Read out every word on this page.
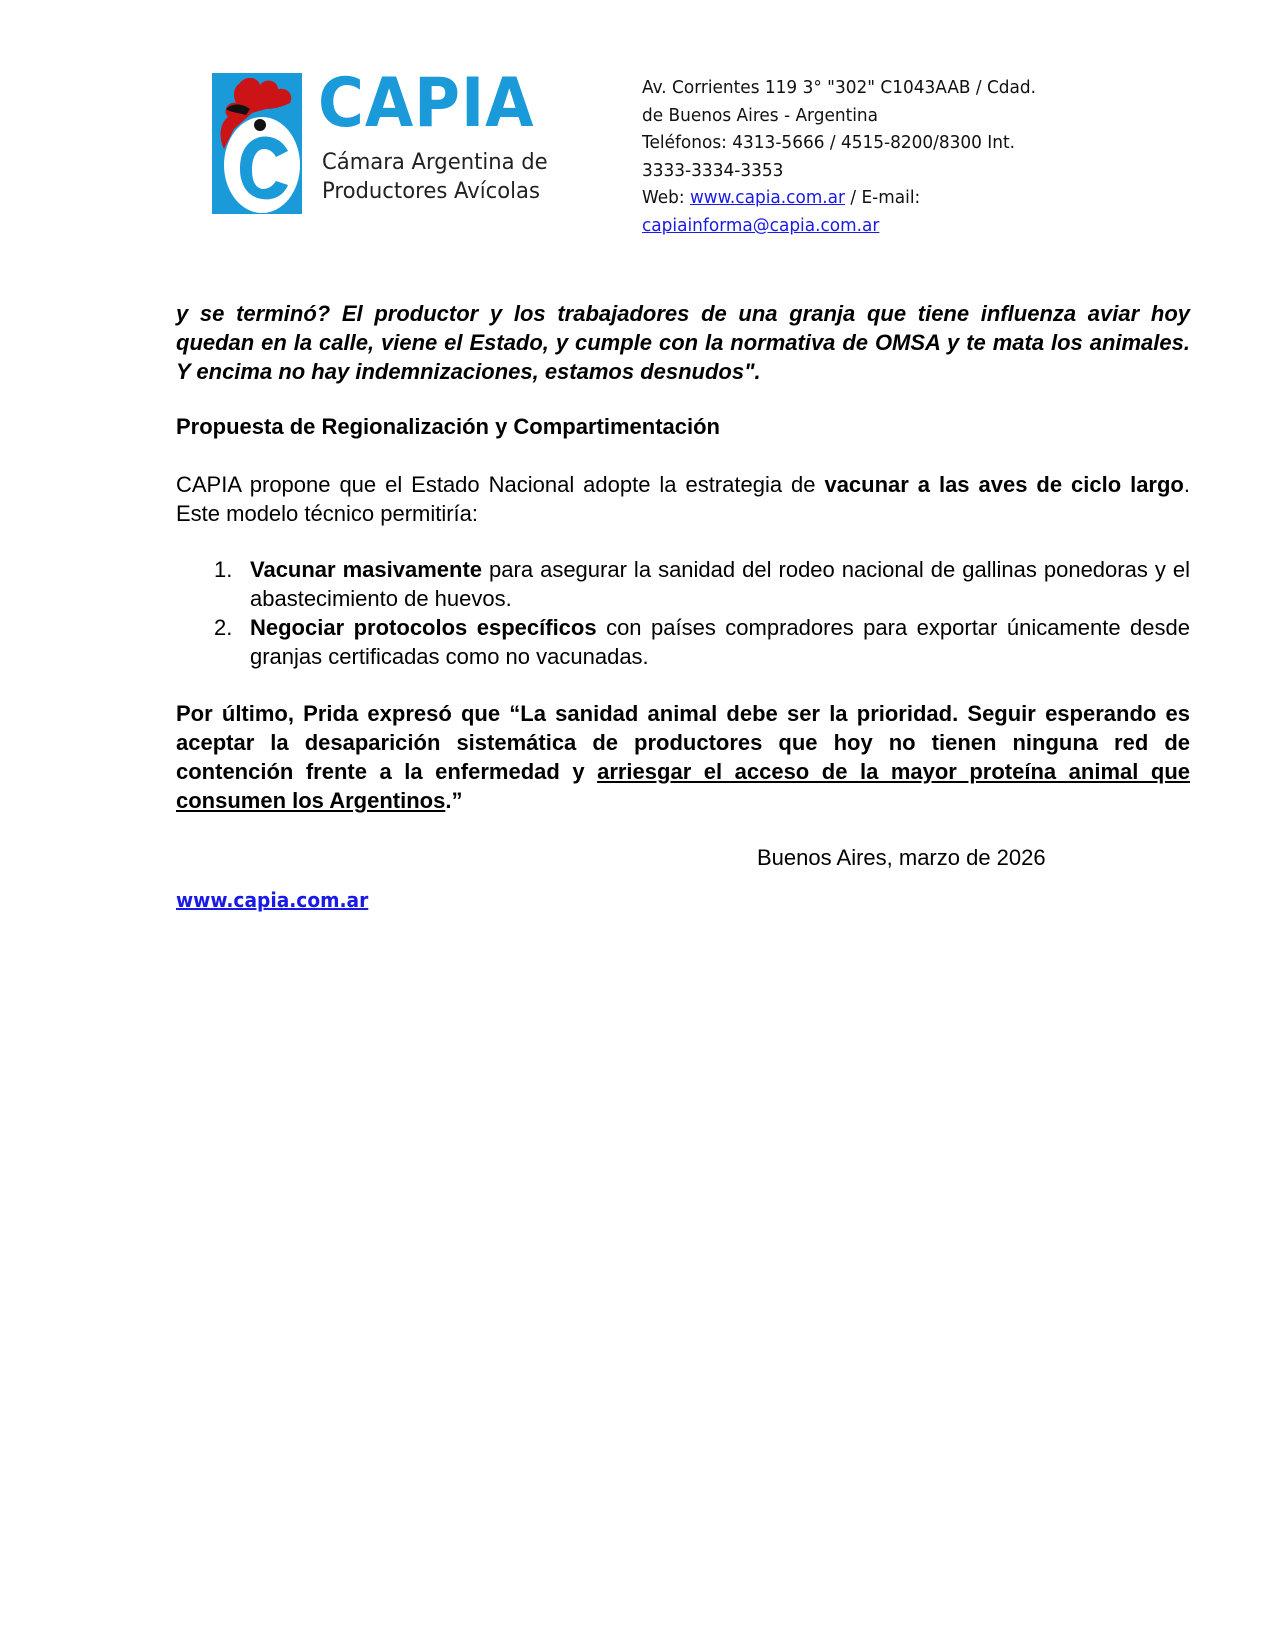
CAPIA
Cámara Argentina de
Productores Avícolas
Av. Corrientes 119 3° "302" C1043AAB / Cdad.
de Buenos Aires - Argentina
Teléfonos: 4313-5666 / 4515-8200/8300 Int.
3333-3334-3353
Web: www.capia.com.ar / E-mail:
capiainforma@capia.com.ar

y se terminó? El productor y los trabajadores de una granja que tiene influenza aviar hoy quedan en la calle, viene el Estado, y cumple con la normativa de OMSA y te mata los animales. Y encima no hay indemnizaciones, estamos desnudos".

Propuesta de Regionalización y Compartimentación

CAPIA propone que el Estado Nacional adopte la estrategia de vacunar a las aves de ciclo largo. Este modelo técnico permitiría:

1. Vacunar masivamente para asegurar la sanidad del rodeo nacional de gallinas ponedoras y el abastecimiento de huevos.
2. Negociar protocolos específicos con países compradores para exportar únicamente desde granjas certificadas como no vacunadas.

Por último, Prida expresó que “La sanidad animal debe ser la prioridad. Seguir esperando es aceptar la desaparición sistemática de productores que hoy no tienen ninguna red de contención frente a la enfermedad y arriesgar el acceso de la mayor proteína animal que consumen los Argentinos.”

Buenos Aires, marzo de 2026
www.capia.com.ar
